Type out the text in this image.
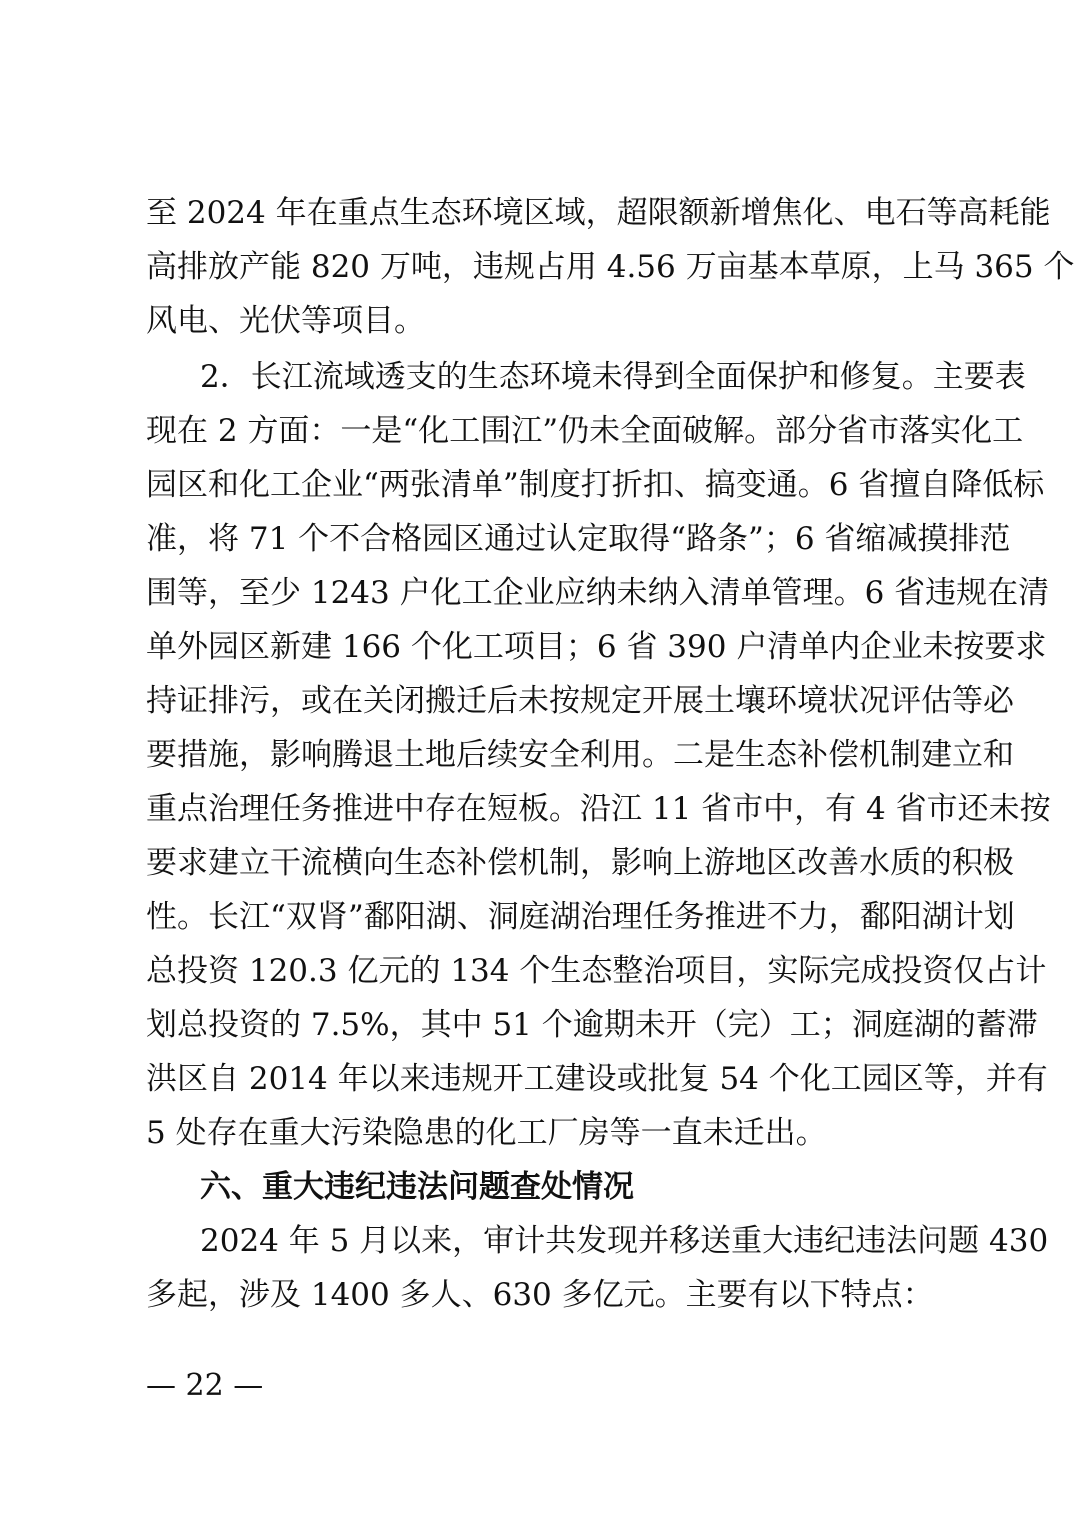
至 2024 年在重点生态环境区域，超限额新增焦化、电石等高耗能
高排放产能 820 万吨，违规占用 4.56 万亩基本草原，上马 365 个
风电、光伏等项目。
2．长江流域透支的生态环境未得到全面保护和修复。主要表
现在 2 方面：一是“化工围江”仍未全面破解。部分省市落实化工
园区和化工企业“两张清单”制度打折扣、搞变通。6 省擅自降低标
准，将 71 个不合格园区通过认定取得“路条”；6 省缩减摸排范
围等，至少 1243 户化工企业应纳未纳入清单管理。6 省违规在清
单外园区新建 166 个化工项目；6 省 390 户清单内企业未按要求
持证排污，或在关闭搬迁后未按规定开展土壤环境状况评估等必
要措施，影响腾退土地后续安全利用。二是生态补偿机制建立和
重点治理任务推进中存在短板。沿江 11 省市中，有 4 省市还未按
要求建立干流横向生态补偿机制，影响上游地区改善水质的积极
性。长江“双肾”鄱阳湖、洞庭湖治理任务推进不力，鄱阳湖计划
总投资 120.3 亿元的 134 个生态整治项目，实际完成投资仅占计
划总投资的 7.5%，其中 51 个逾期未开（完）工；洞庭湖的蓄滞
洪区自 2014 年以来违规开工建设或批复 54 个化工园区等，并有
5 处存在重大污染隐患的化工厂房等一直未迁出。
六、重大违纪违法问题查处情况
2024 年 5 月以来，审计共发现并移送重大违纪违法问题 430
多起，涉及 1400 多人、630 多亿元。主要有以下特点：
— 22 —
